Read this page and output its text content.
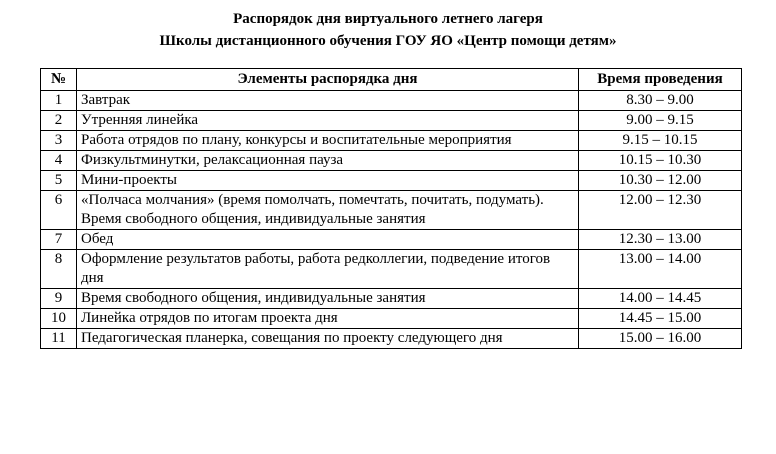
Распорядок дня виртуального летнего лагеря
Школы дистанционного обучения ГОУ ЯО «Центр помощи детям»
№	Элементы распорядка дня	Время проведения
1	Завтрак	8.30 – 9.00
2	Утренняя линейка	9.00 – 9.15
3	Работа отрядов по плану, конкурсы и воспитательные мероприятия	9.15 – 10.15
4	Физкультминутки, релаксационная пауза	10.15 – 10.30
5	Мини-проекты	10.30 – 12.00
6	«Полчаса молчания» (время помолчать, помечтать, почитать, подумать).
Время свободного общения, индивидуальные занятия	12.00 – 12.30
7	Обед	12.30 – 13.00
8	Оформление результатов работы, работа редколлегии, подведение итогов дня	13.00 – 14.00
9	Время свободного общения, индивидуальные занятия	14.00 – 14.45
10	Линейка отрядов по итогам проекта дня	14.45 – 15.00
11	Педагогическая планерка, совещания по проекту следующего дня	15.00 – 16.00
